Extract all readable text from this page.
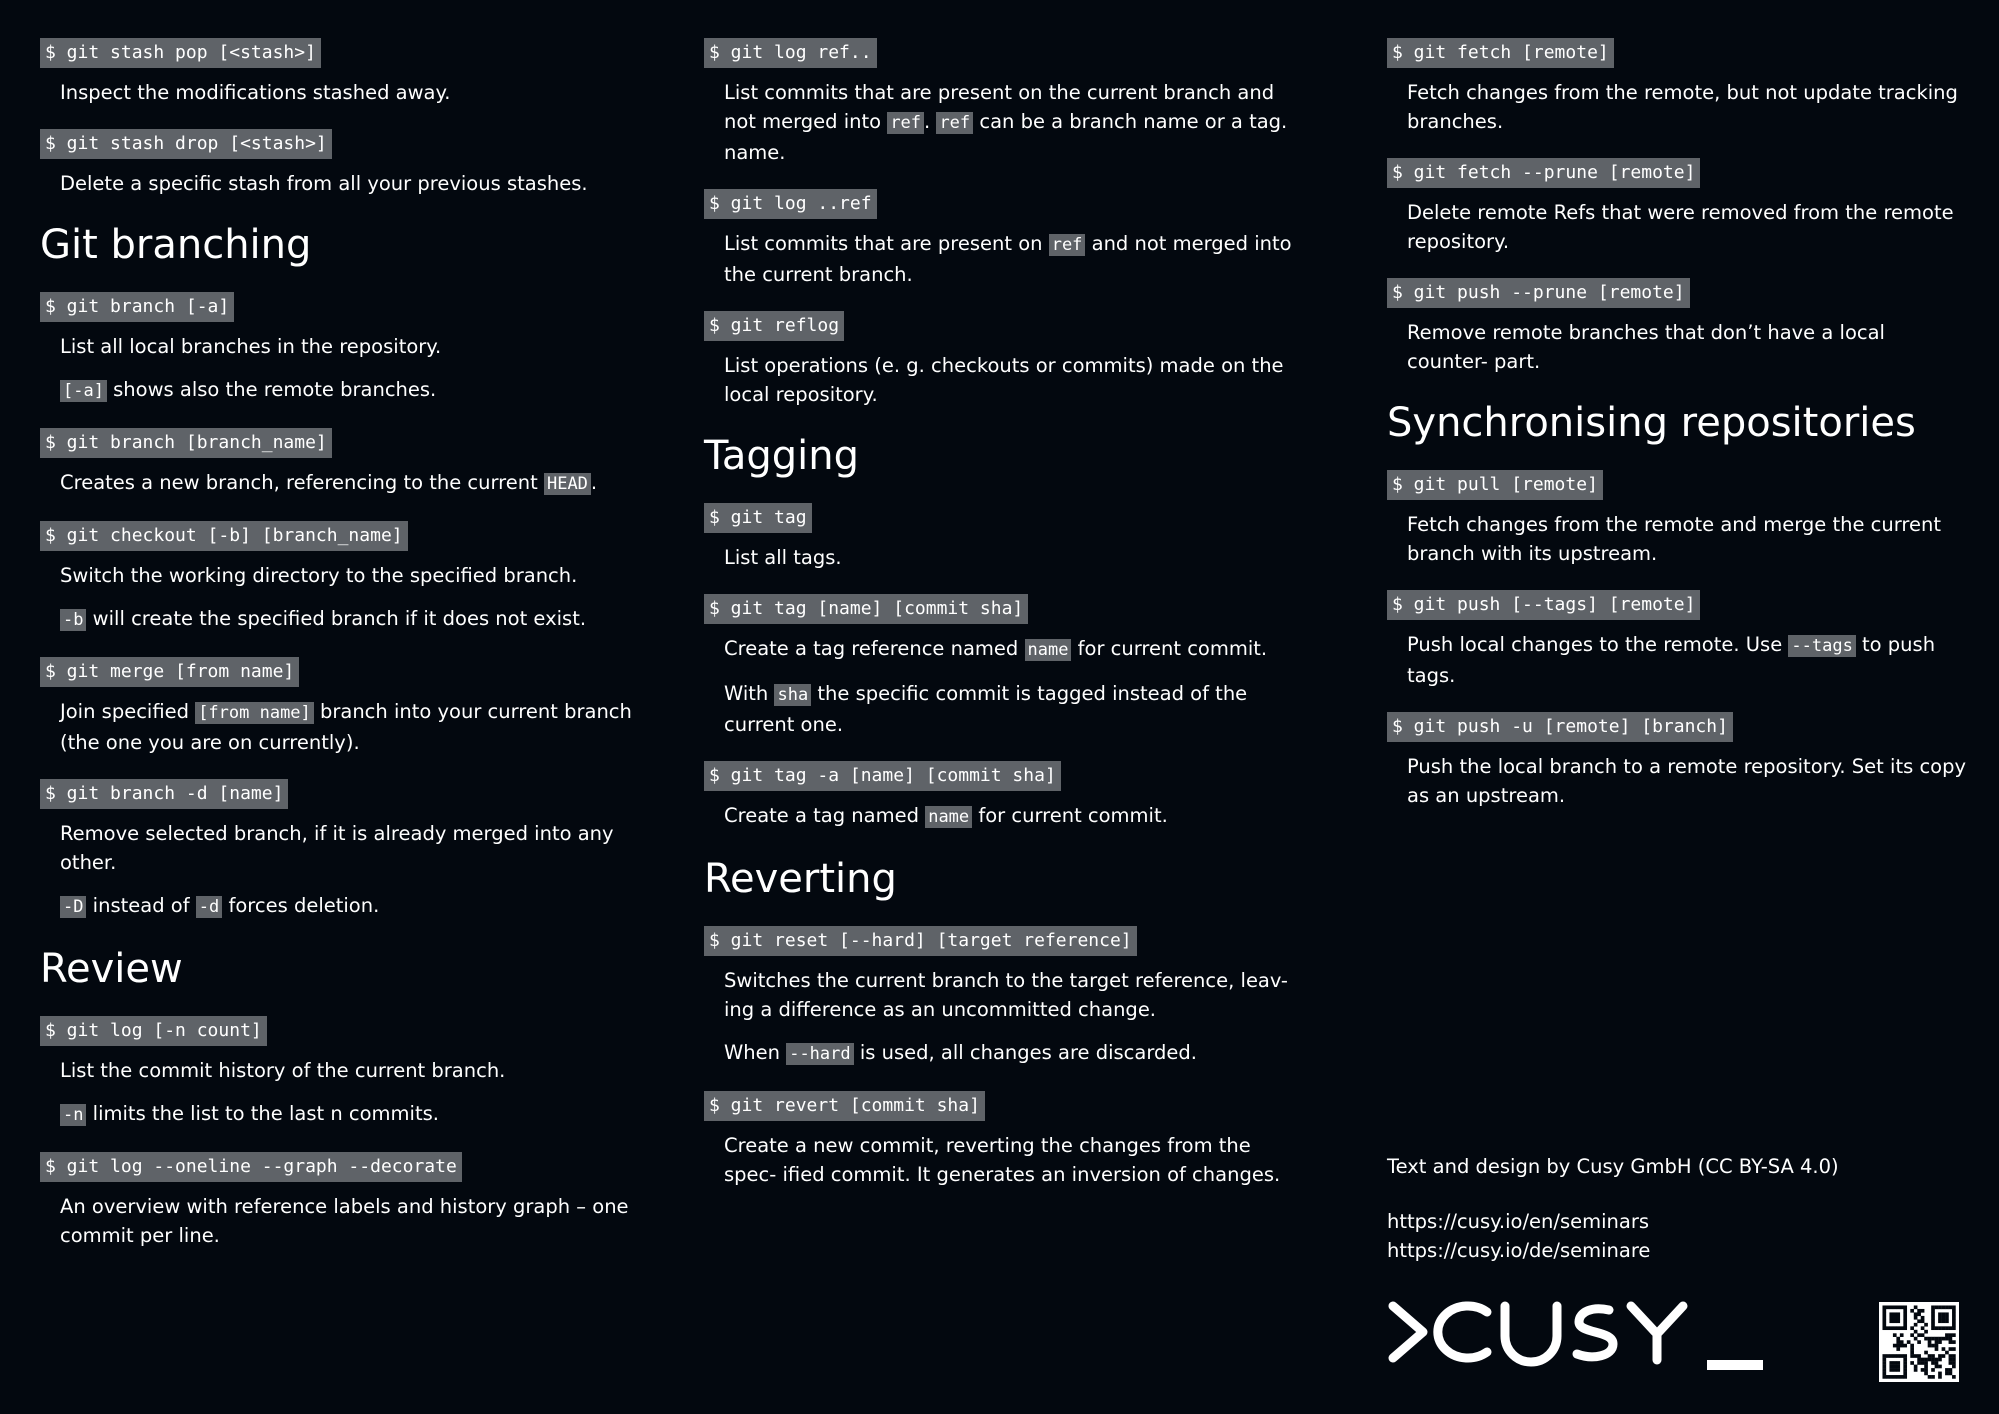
$ git stash pop [<stash>]
Inspect the modifications stashed away.
$ git stash drop [<stash>]
Delete a specific stash from all your previous stashes.
Git branching
$ git branch [-a]
List all local branches in the repository.
[-a] shows also the remote branches.
$ git branch [branch_name]
Creates a new branch, referencing to the current HEAD .
$ git checkout [-b] [branch_name]
Switch the working directory to the specified branch.
-b will create the specified branch if it does not exist.
$ git merge [from name]
Join specified [from name] branch into your current branch (the one you are on currently).
$ git branch -d [name]
Remove selected branch, if it is already merged into any other.
-D instead of -d forces deletion.
Review
$ git log [-n count]
List the commit history of the current branch.
-n limits the list to the last n commits.
$ git log --oneline --graph --decorate
An overview with reference labels and history graph – one commit per line.
$ git log ref..
List commits that are present on the current branch and not merged into ref . ref can be a branch name or a tag. name.
$ git log ..ref
List commits that are present on ref and not merged into the current branch.
$ git reflog
List operations (e. g. checkouts or commits) made on the local repository.
Tagging
$ git tag
List all tags.
$ git tag [name] [commit sha]
Create a tag reference named name for current commit.
With sha the specific commit is tagged instead of the current one.
$ git tag -a [name] [commit sha]
Create a tag named name for current commit.
Reverting
$ git reset [--hard] [target reference]
Switches the current branch to the target reference, leav- ing a difference as an uncommitted change.
When --hard is used, all changes are discarded.
$ git revert [commit sha]
Create a new commit, reverting the changes from the spec- ified commit. It generates an inversion of changes.
$ git fetch [remote]
Fetch changes from the remote, but not update tracking branches.
$ git fetch --prune [remote]
Delete remote Refs that were removed from the remote repository.
$ git push --prune [remote]
Remove remote branches that don’t have a local counter- part.
Synchronising repositories
$ git pull [remote]
Fetch changes from the remote and merge the current branch with its upstream.
$ git push [--tags] [remote]
Push local changes to the remote. Use --tags to push tags.
$ git push -u [remote] [branch]
Push the local branch to a remote repository. Set its copy as an upstream.

Text and design by Cusy GmbH (CC BY-SA 4.0)

https://cusy.io/en/seminars
https://cusy.io/de/seminare
